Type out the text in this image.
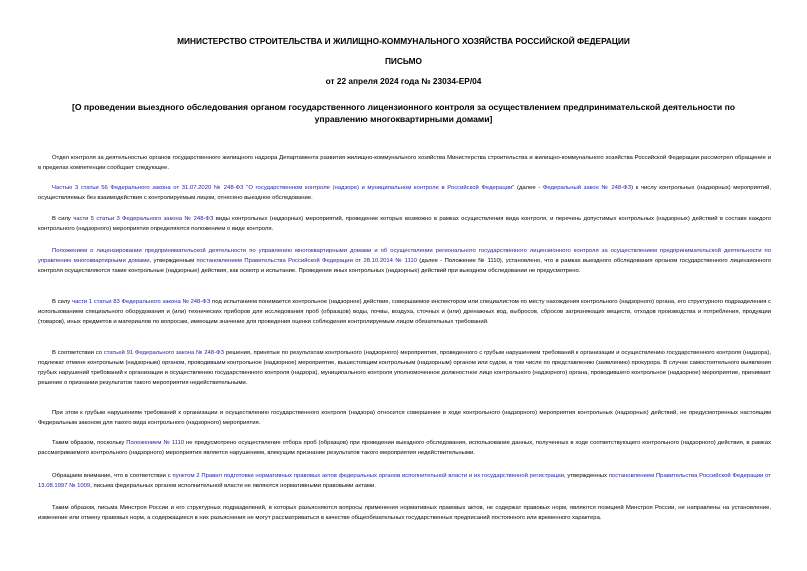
МИНИСТЕРСТВО СТРОИТЕЛЬСТВА И ЖИЛИЩНО-КОММУНАЛЬНОГО ХОЗЯЙСТВА РОССИЙСКОЙ ФЕДЕРАЦИИ

ПИСЬМО

от 22 апреля 2024 года № 23034-ЕР/04

[О проведении выездного обследования органом государственного лицензионного контроля за осуществлением предпринимательской деятельности по управлению многоквартирными домами]

Отдел контроля за деятельностью органов государственного жилищного надзора Департамента развития жилищно-коммунального хозяйства Министерства строительства и жилищно-коммунального хозяйства Российской Федерации рассмотрел обращение и в пределах компетенции сообщает следующее.

Частью 3 статьи 56 Федерального закона от 31.07.2020 № 248-ФЗ "О государственном контроле (надзоре) и муниципальном контроле в Российской Федерации" (далее - Федеральный закон № 248-ФЗ) к числу контрольных (надзорных) мероприятий, осуществляемых без взаимодействия с контролируемым лицом, отнесено выездное обследование.

В силу части 5 статьи 3 Федерального закона № 248-ФЗ виды контрольных (надзорных) мероприятий, проведение которых возможно в рамках осуществления вида контроля, и перечень допустимых контрольных (надзорных) действий в составе каждого контрольного (надзорного) мероприятия определяются положением о виде контроля.

Положением о лицензировании предпринимательской деятельности по управлению многоквартирными домами и об осуществлении регионального государственного лицензионного контроля за осуществлением предпринимательской деятельности по управлению многоквартирными домами, утвержденным постановлением Правительства Российской Федерации от 28.10.2014 № 1110 (далее - Положение № 1110), установлено, что в рамках выездного обследования органом государственного лицензионного контроля осуществляются такие контрольные (надзорные) действия, как осмотр и испытание. Проведение иных контрольных (надзорных) действий при выездном обследовании не предусмотрено.

В силу части 1 статьи 83 Федерального закона № 248-ФЗ под испытанием понимается контрольное (надзорное) действие, совершаемое инспектором или специалистом по месту нахождения контрольного (надзорного) органа, его структурного подразделения с использованием специального оборудования и (или) технических приборов для исследования проб (образцов) воды, почвы, воздуха, сточных и (или) дренажных вод, выбросов, сбросов загрязняющих веществ, отходов производства и потребления, продукции (товаров), иных предметов и материалов по вопросам, имеющим значение для проведения оценки соблюдения контролируемым лицом обязательных требований.

В соответствии со статьей 91 Федерального закона № 248-ФЗ решения, принятые по результатам контрольного (надзорного) мероприятия, проведенного с грубым нарушением требований к организации и осуществлению государственного контроля (надзора), подлежат отмене контрольным (надзорным) органом, проводившим контрольное (надзорное) мероприятие, вышестоящим контрольным (надзорным) органом или судом, в том числе по представлению (заявлению) прокурора. В случае самостоятельного выявления грубых нарушений требований к организации и осуществлению государственного контроля (надзора), муниципального контроля уполномоченное должностное лицо контрольного (надзорного) органа, проводившего контрольное (надзорное) мероприятие, принимает решение о признании результатов такого мероприятия недействительными.

При этом к грубым нарушениям требований к организации и осуществлению государственного контроля (надзора) относится совершение в ходе контрольного (надзорного) мероприятия контрольных (надзорных) действий, не предусмотренных настоящим Федеральным законом для такого вида контрольного (надзорного) мероприятия.

Таким образом, поскольку Положением № 1110 не предусмотрено осуществление отбора проб (образцов) при проведении выездного обследования, использование данных, полученных в ходе соответствующего контрольного (надзорного) действия, в рамках рассматриваемого контрольного (надзорного) мероприятия является нарушением, влекущим признание результатов такого мероприятия недействительными.

Обращаем внимание, что в соответствии с пунктом 2 Правил подготовки нормативных правовых актов федеральных органов исполнительной власти и их государственной регистрации, утвержденных постановлением Правительства Российской Федерации от 13.08.1997 № 1009, письма федеральных органов исполнительной власти не являются нормативными правовыми актами.

Таким образом, письма Минстроя России и его структурных подразделений, в которых разъясняются вопросы применения нормативных правовых актов, не содержат правовых норм, являются позицией Минстроя России, не направлены на установление, изменение или отмену правовых норм, а содержащиеся в них разъяснения не могут рассматриваться в качестве общеобязательных государственных предписаний постоянного или временного характера.
